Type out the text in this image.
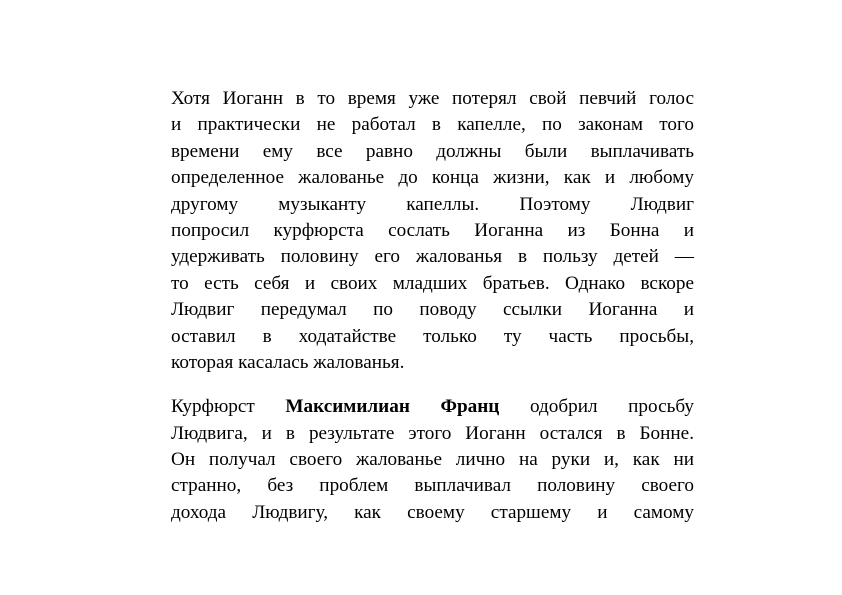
Хотя Иоганн в то время уже потерял свой певчий голос
и практически не работал в капелле, по законам того
времени ему все равно должны были выплачивать
определенное жалованье до конца жизни, как и любому
другому музыканту капеллы. Поэтому Людвиг
попросил курфюрста сослать Иоганна из Бонна и
удерживать половину его жалованья в пользу детей —
то есть себя и своих младших братьев. Однако вскоре
Людвиг передумал по поводу ссылки Иоганна и
оставил в ходатайстве только ту часть просьбы,
которая касалась жалованья.
Курфюрст Максимилиан Франц одобрил просьбу
Людвига, и в результате этого Иоганн остался в Бонне.
Он получал своего жалованье лично на руки и, как ни
странно, без проблем выплачивал половину своего
дохода Людвигу, как своему старшему и самому
